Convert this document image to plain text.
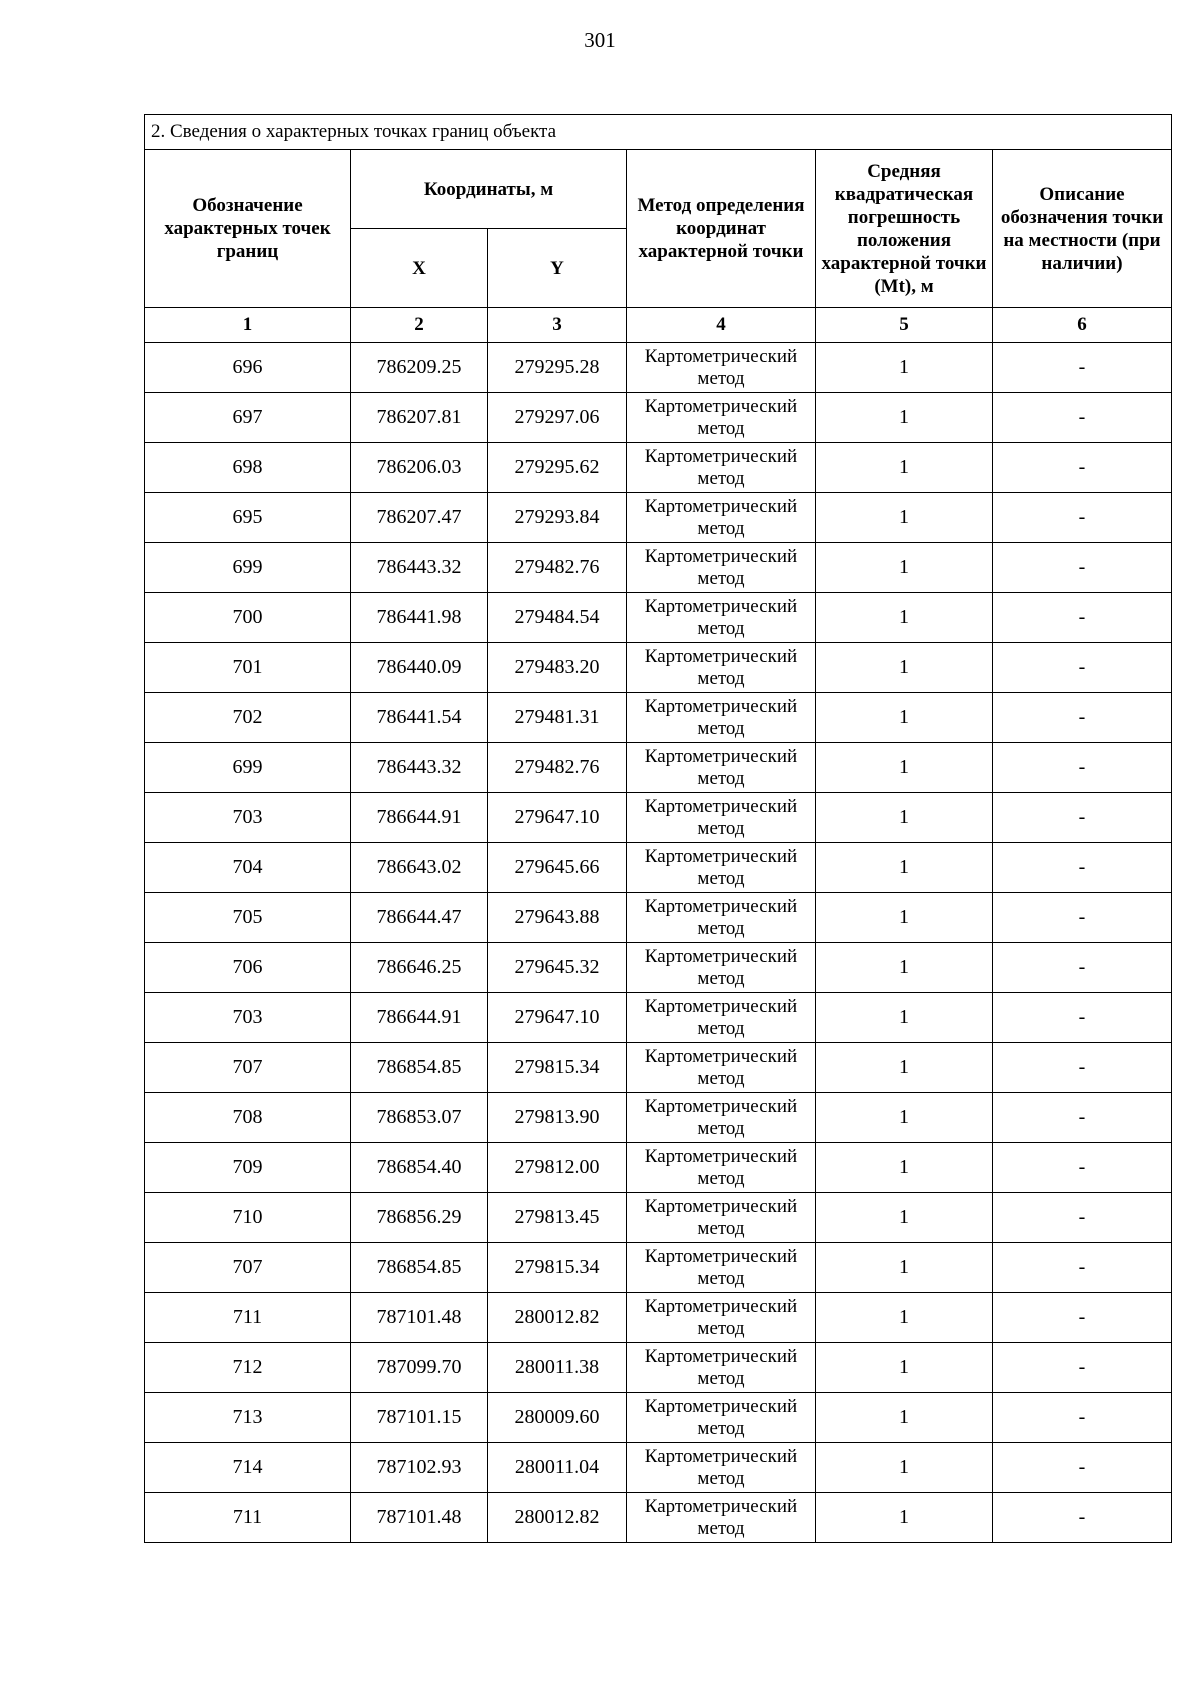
301
2. Сведения о характерных точках границ объекта					
Обозначение характерных точек границ	Координаты, м		Метод определения координат характерной точки	Средняя квадратическая погрешность положения характерной точки (Mt), м	Описание обозначения точки на местности (при наличии)
	X	Y			
1	2	3	4	5	6
696	786209.25	279295.28	Картометрический метод	1	-
697	786207.81	279297.06	Картометрический метод	1	-
698	786206.03	279295.62	Картометрический метод	1	-
695	786207.47	279293.84	Картометрический метод	1	-
699	786443.32	279482.76	Картометрический метод	1	-
700	786441.98	279484.54	Картометрический метод	1	-
701	786440.09	279483.20	Картометрический метод	1	-
702	786441.54	279481.31	Картометрический метод	1	-
699	786443.32	279482.76	Картометрический метод	1	-
703	786644.91	279647.10	Картометрический метод	1	-
704	786643.02	279645.66	Картометрический метод	1	-
705	786644.47	279643.88	Картометрический метод	1	-
706	786646.25	279645.32	Картометрический метод	1	-
703	786644.91	279647.10	Картометрический метод	1	-
707	786854.85	279815.34	Картометрический метод	1	-
708	786853.07	279813.90	Картометрический метод	1	-
709	786854.40	279812.00	Картометрический метод	1	-
710	786856.29	279813.45	Картометрический метод	1	-
707	786854.85	279815.34	Картометрический метод	1	-
711	787101.48	280012.82	Картометрический метод	1	-
712	787099.70	280011.38	Картометрический метод	1	-
713	787101.15	280009.60	Картометрический метод	1	-
714	787102.93	280011.04	Картометрический метод	1	-
711	787101.48	280012.82	Картометрический метод	1	-
